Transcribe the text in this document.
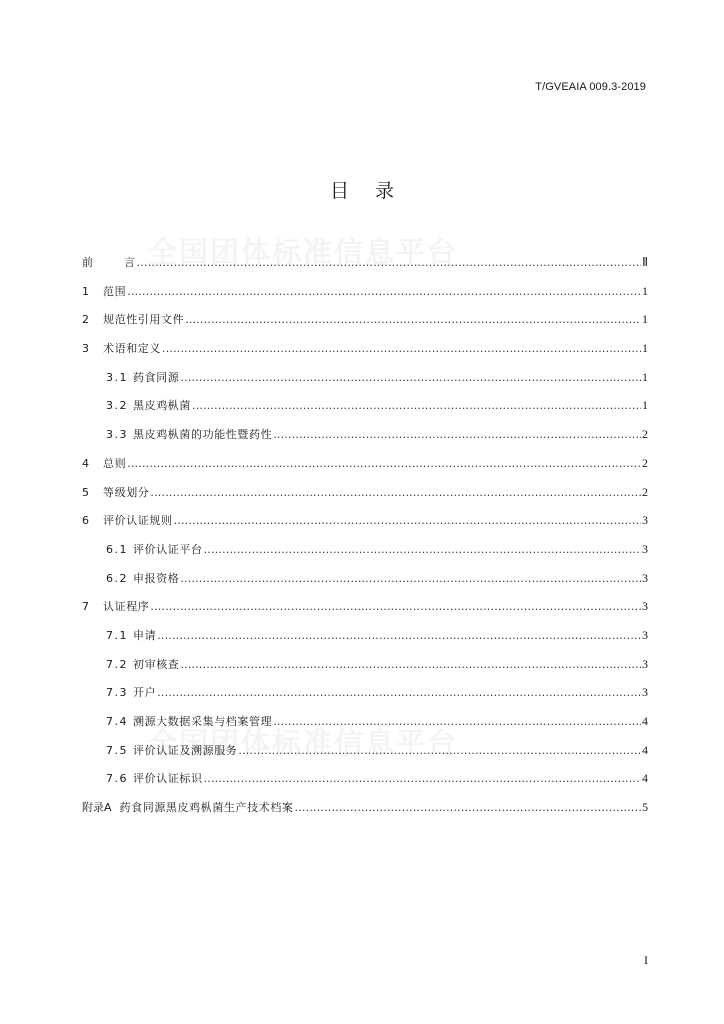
T/GVEAIA 009.3-2019
目 录
前	言 .....	Ⅱ
1	范围 .....	1
2	规范性引用文件 .....	1
3	术语和定义 .....	1
3.1 药食同源 .....	1
3.2 黑皮鸡枞菌 .....	1
3.3 黑皮鸡枞菌的功能性暨药性 .....	2
4	总则 .....	2
5	等级划分 .....	2
6	评价认证规则 .....	3
6.1 评价认证平台 .....	3
6.2 申报资格 .....	3
7	认证程序 .....	3
7.1 申请 .....	3
7.2 初审核查 .....	3
7.3 开户 .....	3
7.4 溯源大数据采集与档案管理 .....	4
7.5 评价认证及溯源服务 .....	4
7.6 评价认证标识 .....	4
附录A 药食同源黑皮鸡枞菌生产技术档案 .....	5
I
